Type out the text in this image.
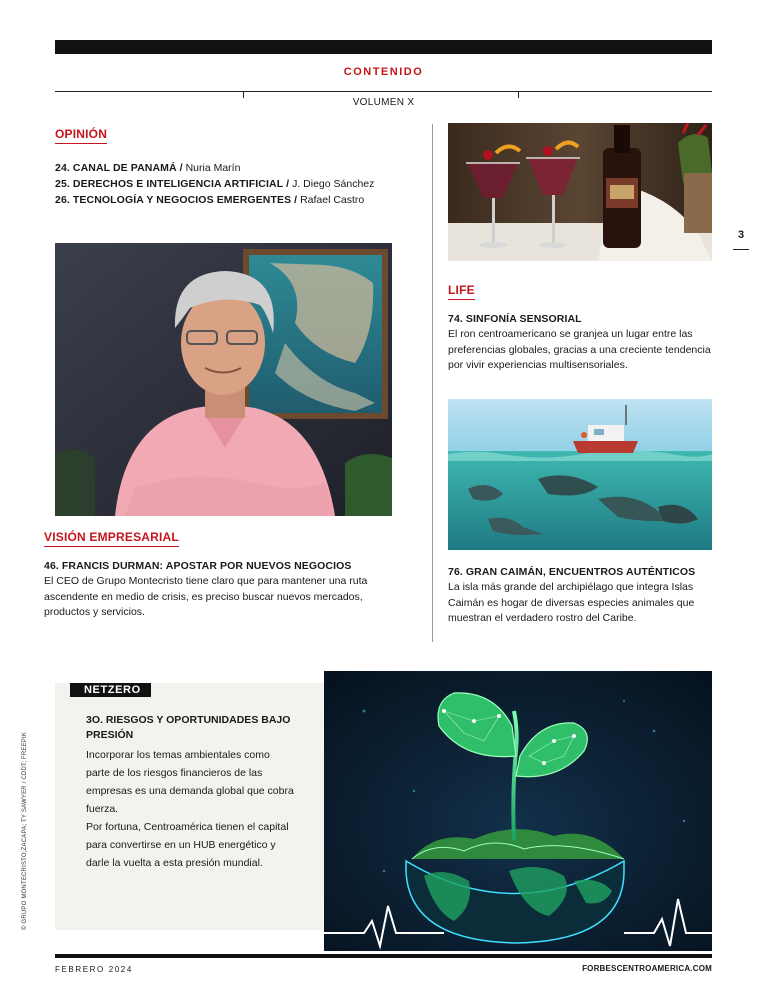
CONTENIDO
VOLUMEN X
OPINIÓN
24. CANAL DE PANAMÁ / Nuria Marín
25. DERECHOS E INTELIGENCIA ARTIFICIAL / J. Diego Sánchez
26. TECNOLOGÍA Y NEGOCIOS EMERGENTES / Rafael Castro
VISIÓN EMPRESARIAL
46. FRANCIS DURMAN: APOSTAR POR NUEVOS NEGOCIOS
El CEO de Grupo Montecristo tiene claro que para mantener una ruta ascendente en medio de crisis, es preciso buscar nuevos mercados, productos y servicios.
3
LIFE
74. SINFONÍA SENSORIAL
El ron centroamericano se granjea un lugar entre las preferencias globales, gracias a una creciente tendencia por vivir experiencias multisensoriales.
76. GRAN CAIMÁN, ENCUENTROS AUTÉNTICOS
La isla más grande del archipiélago que integra Islas Caimán es hogar de diversas especies animales que muestran el verdadero rostro del Caribe.
NETZERO
3O. RIESGOS Y OPORTUNIDADES BAJO PRESIÓN
Incorporar los temas ambientales como parte de los riesgos financieros de las empresas es una demanda global que cobra fuerza.
Por fortuna, Centroamérica tienen el capital para convertirse en un HUB energético y darle la vuelta a esta presión mundial.
© GRUPO MONTECRISTO;ZACAPA; TY SAWYER / CDDT; FREEPIK
FEBRERO 2024	FORBESCENTROAMERICA.COM
